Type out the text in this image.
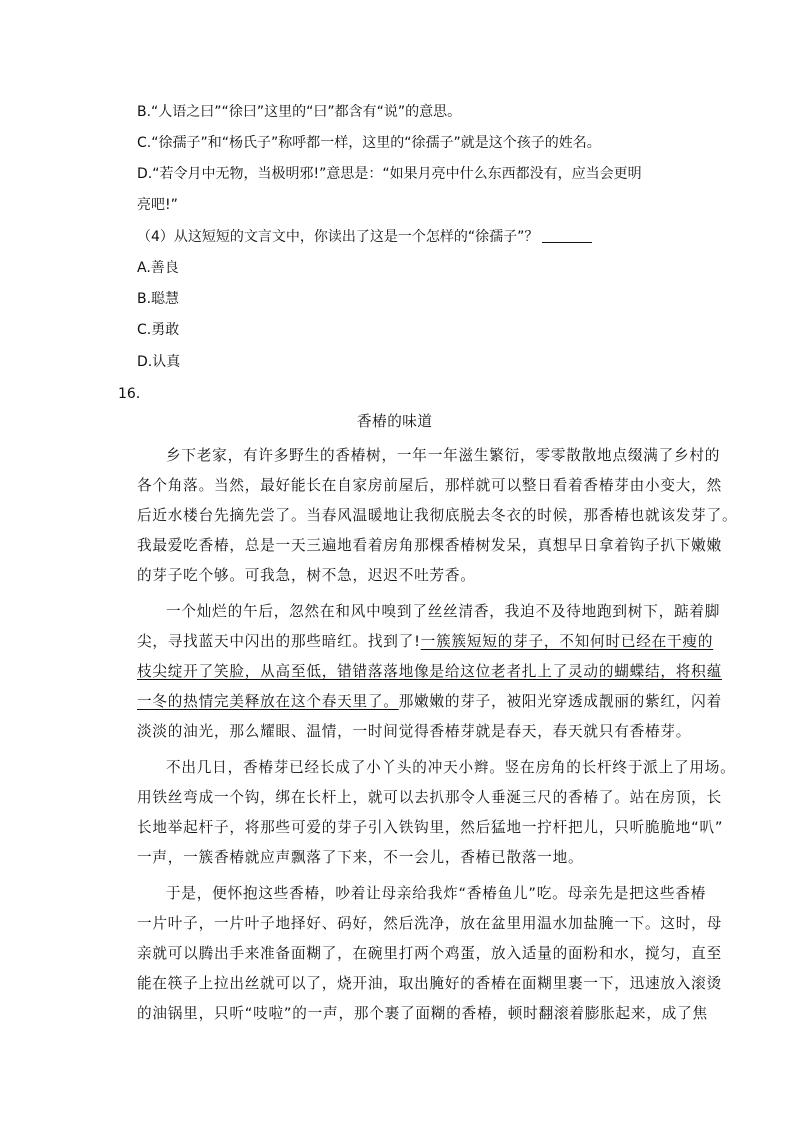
B.“人语之曰”“徐曰”这里的“曰”都含有“说”的意思。
C.“徐孺子”和“杨氏子”称呼都一样，这里的“徐孺子”就是这个孩子的姓名。
D.“若令月中无物，当极明邪!”意思是：“如果月亮中什么东西都没有，应当会更明
亮吧!”
（4）从这短短的文言文中，你读出了这是一个怎样的“徐孺子”？
A.善良
B.聪慧
C.勇敢
D.认真
16．
香椿的味道
乡下老家，有许多野生的香椿树，一年一年滋生繁衍，零零散散地点缀满了乡村的
各个角落。当然，最好能长在自家房前屋后，那样就可以整日看着香椿芽由小变大，然
后近水楼台先摘先尝了。当春风温暖地让我彻底脱去冬衣的时候，那香椿也就该发芽了。
我最爱吃香椿，总是一天三遍地看着房角那棵香椿树发呆，真想早日拿着钩子扒下嫩嫩
的芽子吃个够。可我急，树不急，迟迟不吐芳香。
一个灿烂的午后，忽然在和风中嗅到了丝丝清香，我迫不及待地跑到树下，踮着脚
尖，寻找蓝天中闪出的那些暗红。找到了!一簇簇短短的芽子，不知何时已经在干瘦的
枝尖绽开了笑脸，从高至低，错错落落地像是给这位老者扎上了灵动的蝴蝶结，将积蕴
一冬的热情完美释放在这个春天里了。那嫩嫩的芽子，被阳光穿透成靓丽的紫红，闪着
淡淡的油光，那么耀眼、温情，一时间觉得香椿芽就是春天，春天就只有香椿芽。
不出几日，香椿芽已经长成了小丫头的冲天小辫。竖在房角的长杆终于派上了用场。
用铁丝弯成一个钩，绑在长杆上，就可以去扒那令人垂涎三尺的香椿了。站在房顶，长
长地举起杆子，将那些可爱的芽子引入铁钩里，然后猛地一拧杆把儿，只听脆脆地“叭”
一声，一簇香椿就应声飘落了下来，不一会儿，香椿已散落一地。
于是，便怀抱这些香椿，吵着让母亲给我炸“香椿鱼儿”吃。母亲先是把这些香椿
一片叶子，一片叶子地择好、码好，然后洗净，放在盆里用温水加盐腌一下。这时，母
亲就可以腾出手来准备面糊了，在碗里打两个鸡蛋，放入适量的面粉和水，搅匀，直至
能在筷子上拉出丝就可以了，烧开油，取出腌好的香椿在面糊里裹一下，迅速放入滚烫
的油锅里，只听“吱啦”的一声，那个裹了面糊的香椿，顿时翻滚着膨胀起来，成了焦
